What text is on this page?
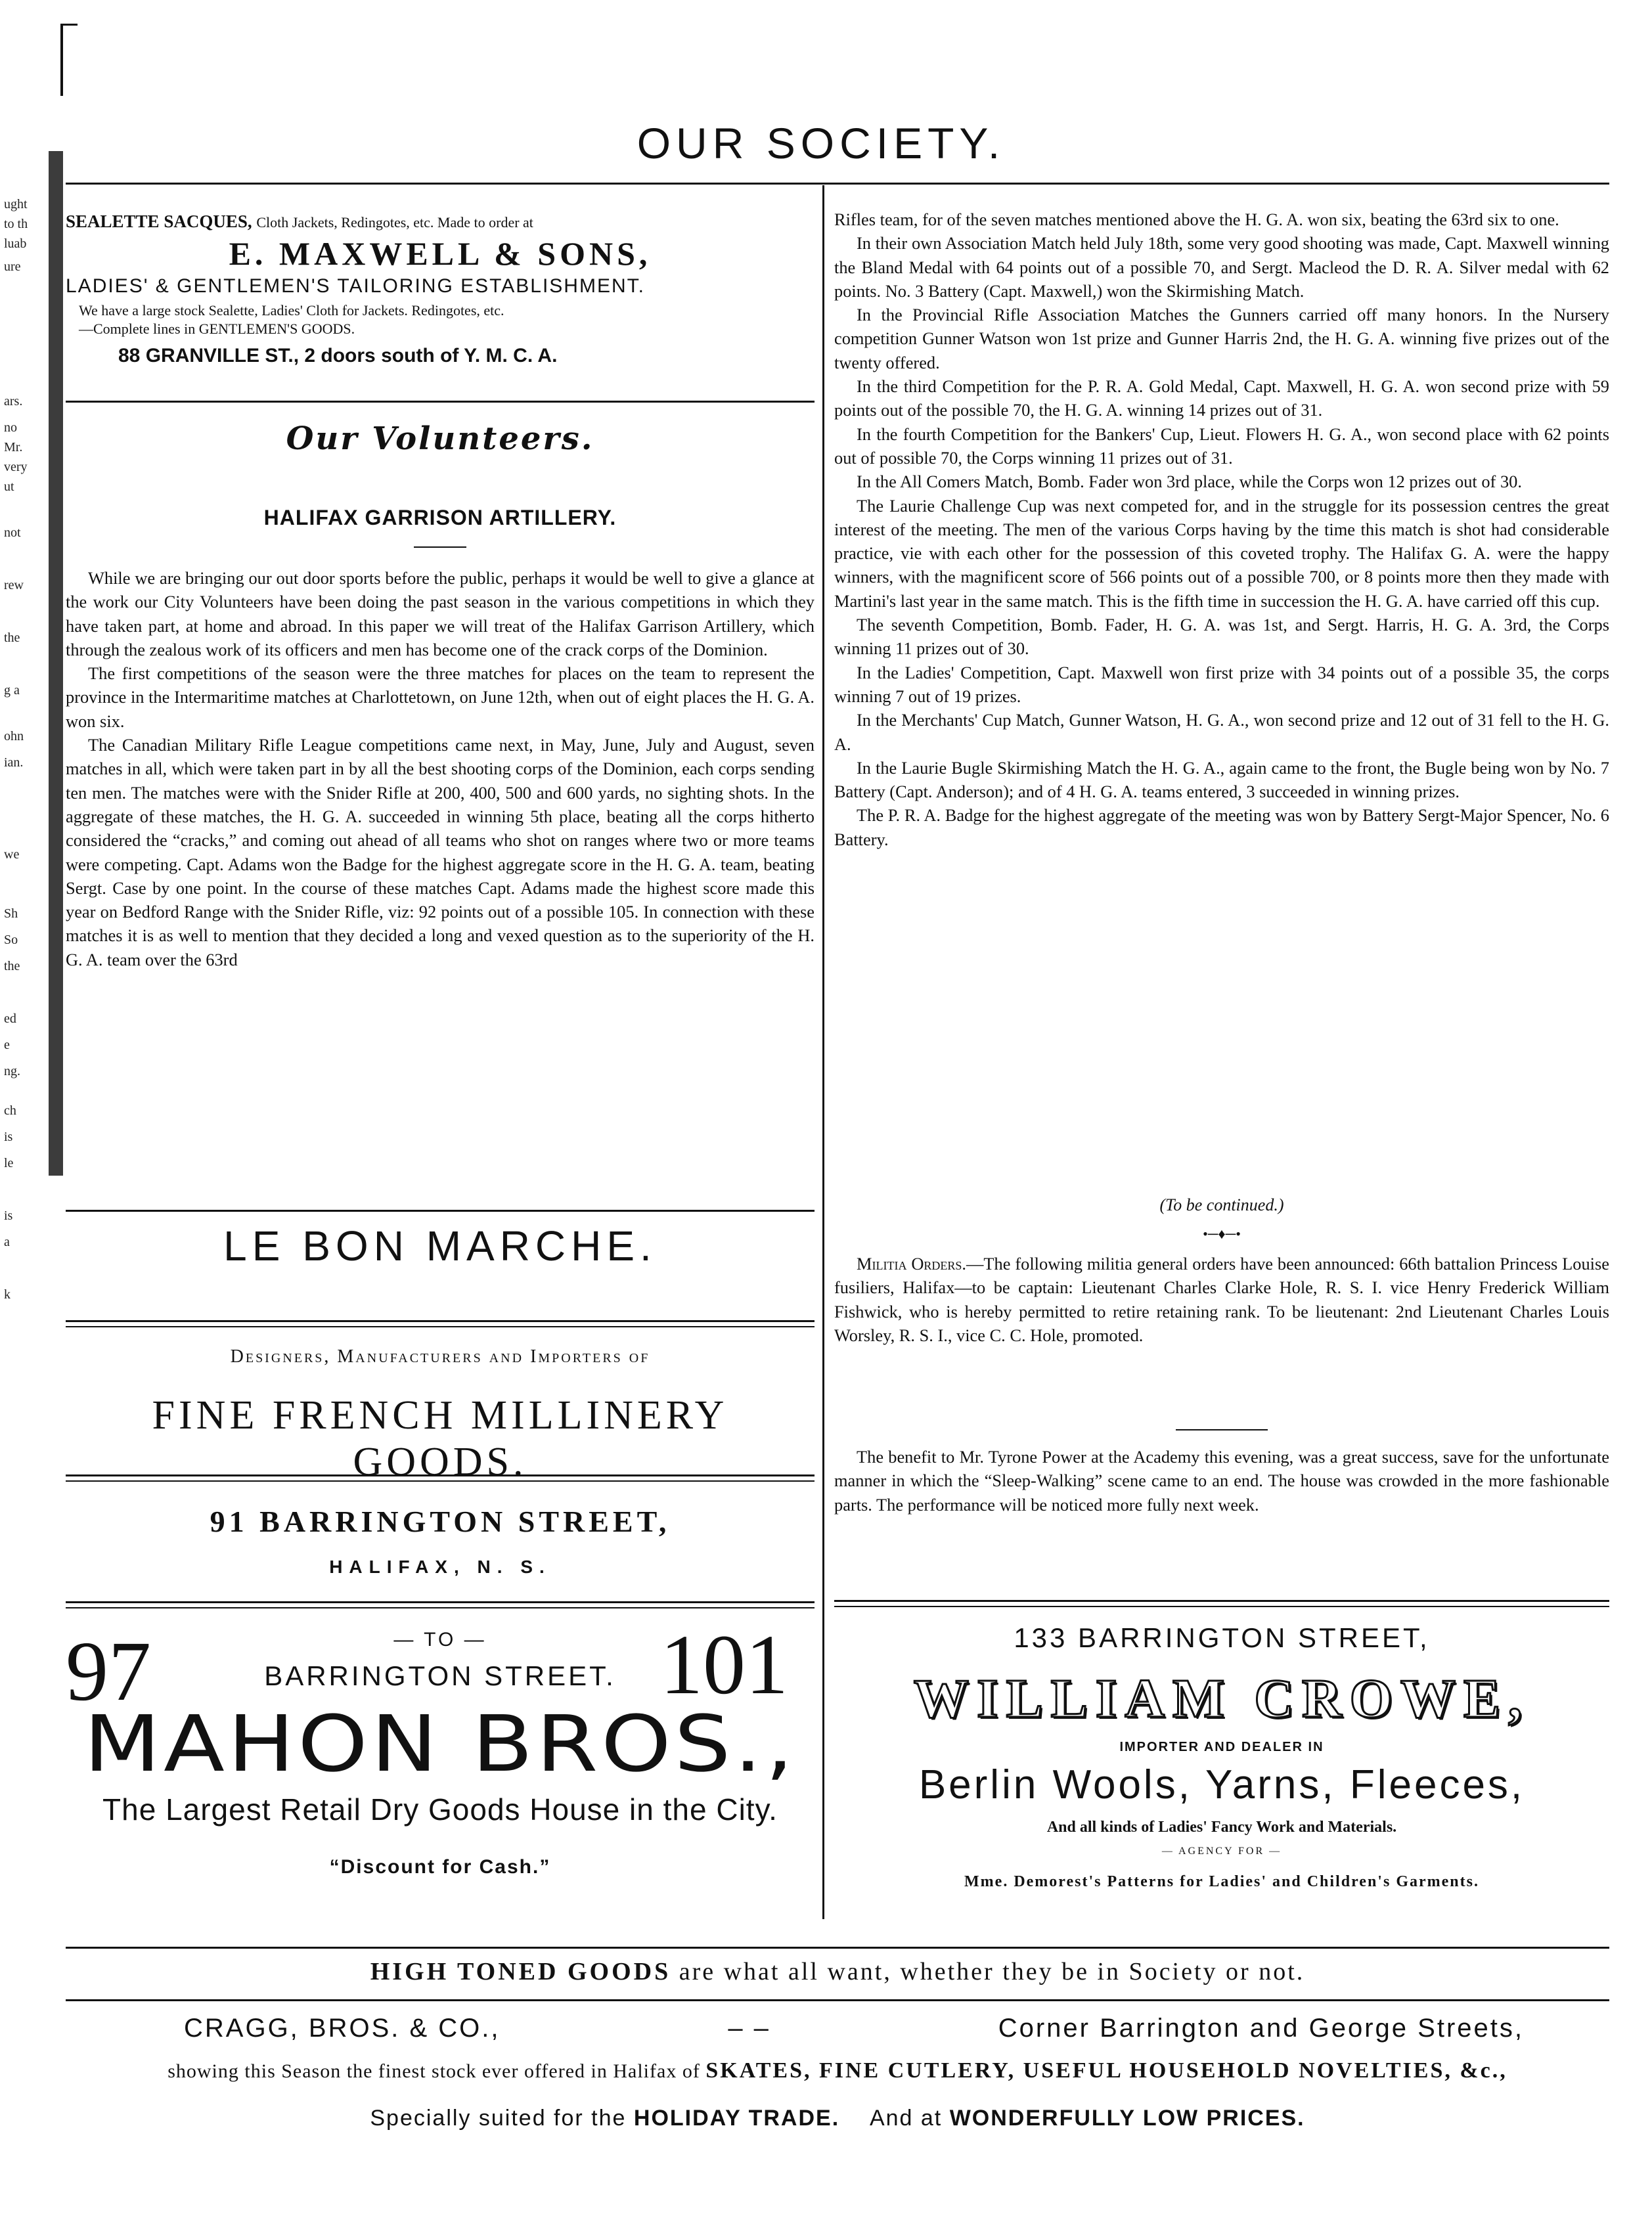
ught
to th
luab
ure
ars.
no
Mr.
very
ut
not
rew
the
g a
ohn
ian.
we
Sh
So
the
ed
e
ng.
ch
is
le
is
a
k
OUR SOCIETY.
SEALETTE SACQUES, Cloth Jackets, Redingotes, etc. Made to order at
E. MAXWELL & SONS,
LADIES' & GENTLEMEN'S TAILORING ESTABLISHMENT.
We have a large stock Sealette, Ladies' Cloth for Jackets. Redingotes, etc.
—Complete lines in GENTLEMEN'S GOODS.
88 GRANVILLE ST., 2 doors south of Y. M. C. A.
Our Volunteers.
HALIFAX GARRISON ARTILLERY.

While we are bringing our out door sports before the public, perhaps it would be well to give a glance at the work our City Volunteers have been doing the past season in the various competitions in which they have taken part, at home and abroad. In this paper we will treat of the Halifax Garrison Artillery, which through the zealous work of its officers and men has become one of the crack corps of the Dominion.

The first competitions of the season were the three matches for places on the team to represent the province in the Intermaritime matches at Charlottetown, on June 12th, when out of eight places the H. G. A. won six.

The Canadian Military Rifle League competitions came next, in May, June, July and August, seven matches in all, which were taken part in by all the best shooting corps of the Dominion, each corps sending ten men. The matches were with the Snider Rifle at 200, 400, 500 and 600 yards, no sighting shots. In the aggregate of these matches, the H. G. A. succeeded in winning 5th place, beating all the corps hitherto considered the “cracks,” and coming out ahead of all teams who shot on ranges where two or more teams were competing. Capt. Adams won the Badge for the highest aggregate score in the H. G. A. team, beating Sergt. Case by one point. In the course of these matches Capt. Adams made the highest score made this year on Bedford Range with the Snider Rifle, viz: 92 points out of a possible 105. In connection with these matches it is as well to mention that they decided a long and vexed question as to the superiority of the H. G. A. team over the 63rd

LE BON MARCHE.
Designers, Manufacturers and Importers of
FINE FRENCH MILLINERY GOODS.
91 BARRINGTON STREET,
HALIFAX, N. S.
97	101
— TO —
BARRINGTON STREET.
MAHON BROS.,
The Largest Retail Dry Goods House in the City.
“Discount for Cash.”

Rifles team, for of the seven matches mentioned above the H. G. A. won six, beating the 63rd six to one.

In their own Association Match held July 18th, some very good shooting was made, Capt. Maxwell winning the Bland Medal with 64 points out of a possible 70, and Sergt. Macleod the D. R. A. Silver medal with 62 points. No. 3 Battery (Capt. Maxwell,) won the Skirmishing Match.

In the Provincial Rifle Association Matches the Gunners carried off many honors. In the Nursery competition Gunner Watson won 1st prize and Gunner Harris 2nd, the H. G. A. winning five prizes out of the twenty offered.

In the third Competition for the P. R. A. Gold Medal, Capt. Maxwell, H. G. A. won second prize with 59 points out of the possible 70, the H. G. A. winning 14 prizes out of 31.

In the fourth Competition for the Bankers' Cup, Lieut. Flowers H. G. A., won second place with 62 points out of possible 70, the Corps winning 11 prizes out of 31.

In the All Comers Match, Bomb. Fader won 3rd place, while the Corps won 12 prizes out of 30.

The Laurie Challenge Cup was next competed for, and in the struggle for its possession centres the great interest of the meeting. The men of the various Corps having by the time this match is shot had considerable practice, vie with each other for the possession of this coveted trophy. The Halifax G. A. were the happy winners, with the magnificent score of 566 points out of a possible 700, or 8 points more then they made with Martini's last year in the same match. This is the fifth time in succession the H. G. A. have carried off this cup.

The seventh Competition, Bomb. Fader, H. G. A. was 1st, and Sergt. Harris, H. G. A. 3rd, the Corps winning 11 prizes out of 30.

In the Ladies' Competition, Capt. Maxwell won first prize with 34 points out of a possible 35, the corps winning 7 out of 19 prizes.

In the Merchants' Cup Match, Gunner Watson, H. G. A., won second prize and 12 out of 31 fell to the H. G. A.

In the Laurie Bugle Skirmishing Match the H. G. A., again came to the front, the Bugle being won by No. 7 Battery (Capt. Anderson); and of 4 H. G. A. teams entered, 3 succeeded in winning prizes.

The P. R. A. Badge for the highest aggregate of the meeting was won by Battery Sergt-Major Spencer, No. 6 Battery.

(To be continued.)
•─♦─•

Militia Orders.—The following militia general orders have been announced: 66th battalion Princess Louise fusiliers, Halifax—to be captain: Lieutenant Charles Clarke Hole, R. S. I. vice Henry Frederick William Fishwick, who is hereby permitted to retire retaining rank. To be lieutenant: 2nd Lieutenant Charles Louis Worsley, R. S. I., vice C. C. Hole, promoted.

The benefit to Mr. Tyrone Power at the Academy this evening, was a great success, save for the unfortunate manner in which the “Sleep-Walking” scene came to an end. The house was crowded in the more fashionable parts. The performance will be noticed more fully next week.

133 BARRINGTON STREET,
WILLIAM CROWE,
IMPORTER AND DEALER IN
Berlin Wools, Yarns, Fleeces,
And all kinds of Ladies' Fancy Work and Materials.
— AGENCY FOR —
Mme. Demorest's Patterns for Ladies' and Children's Garments.
HIGH TONED GOODS are what all want, whether they be in Society or not.
CRAGG, BROS. & CO.,	– –	Corner Barrington and George Streets,
showing this Season the finest stock ever offered in Halifax of SKATES, FINE CUTLERY, USEFUL HOUSEHOLD NOVELTIES, &c.,
Specially suited for the HOLIDAY TRADE. And at WONDERFULLY LOW PRICES.
